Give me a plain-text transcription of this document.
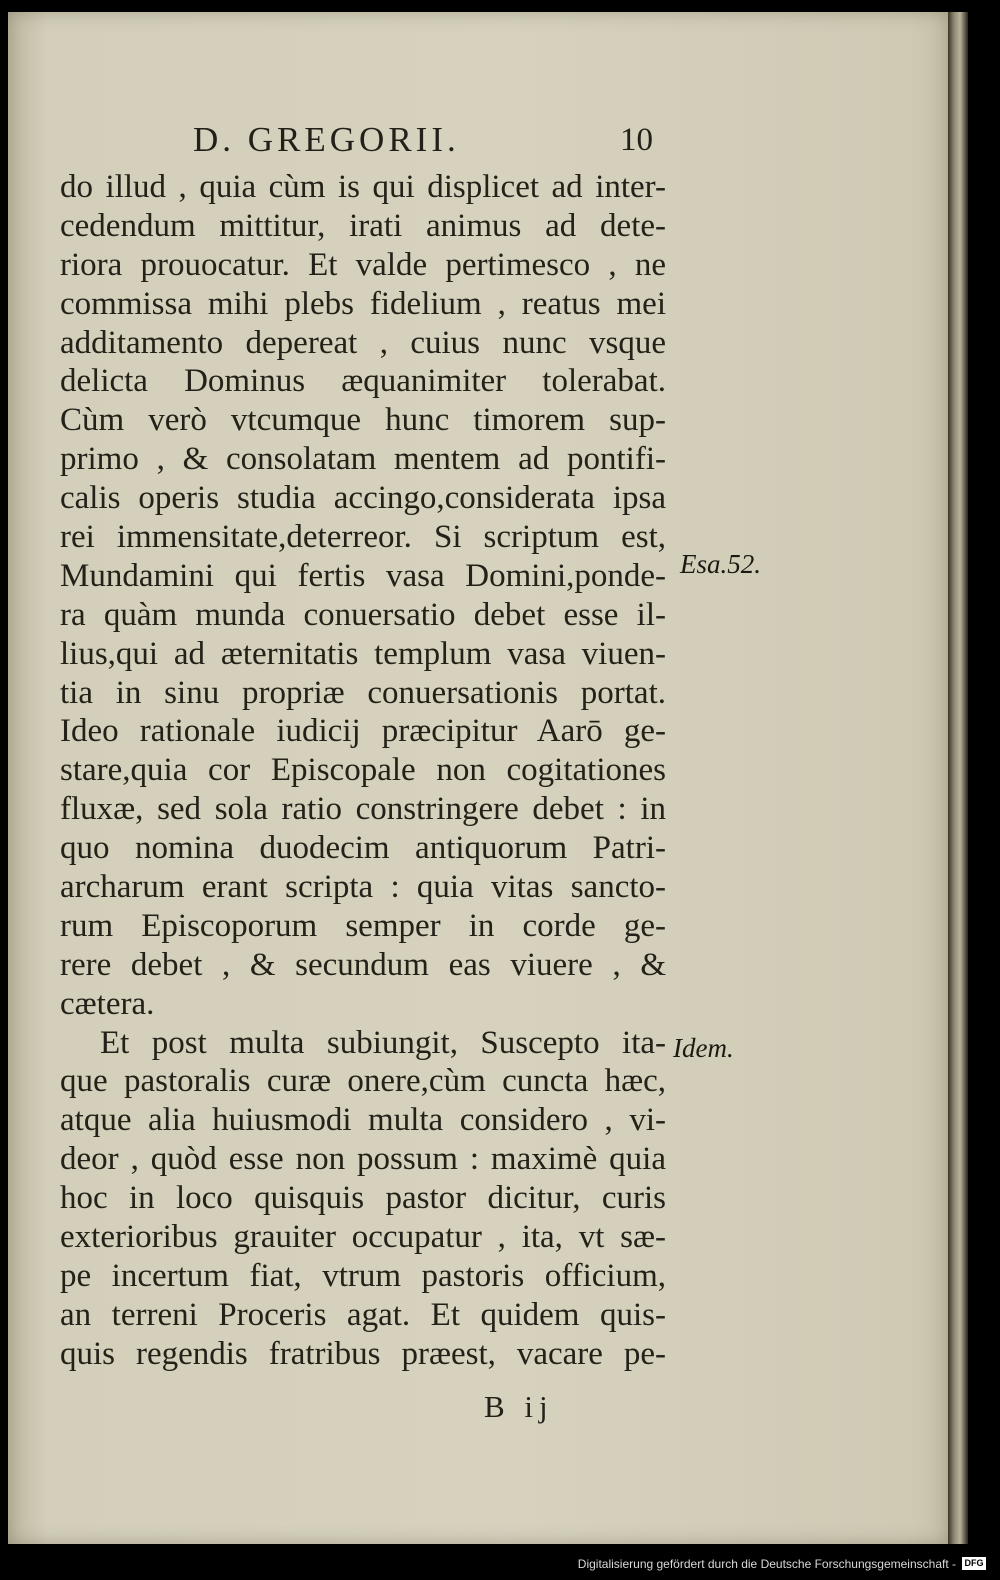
D. GREGORII.	10
do illud , quia cùm is qui displicet ad inter-
cedendum mittitur, irati animus ad dete-
riora prouocatur. Et valde pertimesco , ne
commissa mihi plebs fidelium , reatus mei
additamento depereat , cuius nunc vsque
delicta Dominus æquanimiter tolerabat.
Cùm verò vtcumque hunc timorem sup-
primo , & consolatam mentem ad pontifi-
calis operis studia accingo,considerata ipsa
rei immensitate,deterreor. Si scriptum est,
Mundamini qui fertis vasa Domini,ponde-
ra quàm munda conuersatio debet esse il-
lius,qui ad æternitatis templum vasa viuen-
tia in sinu propriæ conuersationis portat.
Ideo rationale iudicij præcipitur Aarō ge-
stare,quia cor Episcopale non cogitationes
fluxæ, sed sola ratio constringere debet : in
quo nomina duodecim antiquorum Patri-
archarum erant scripta : quia vitas sancto-
rum Episcoporum semper in corde ge-
rere debet , & secundum eas viuere , &
cætera.
Et post multa subiungit, Suscepto ita-
que pastoralis curæ onere,cùm cuncta hæc,
atque alia huiusmodi multa considero , vi-
deor , quòd esse non possum : maximè quia
hoc in loco quisquis pastor dicitur, curis
exterioribus grauiter occupatur , ita, vt sæ-
pe incertum fiat, vtrum pastoris officium,
an terreni Proceris agat. Et quidem quis-
quis regendis fratribus præest, vacare pe-
Esa.52.
Idem.
B ij
Digitalisierung gefördert durch die Deutsche Forschungsgemeinschaft - DFG
